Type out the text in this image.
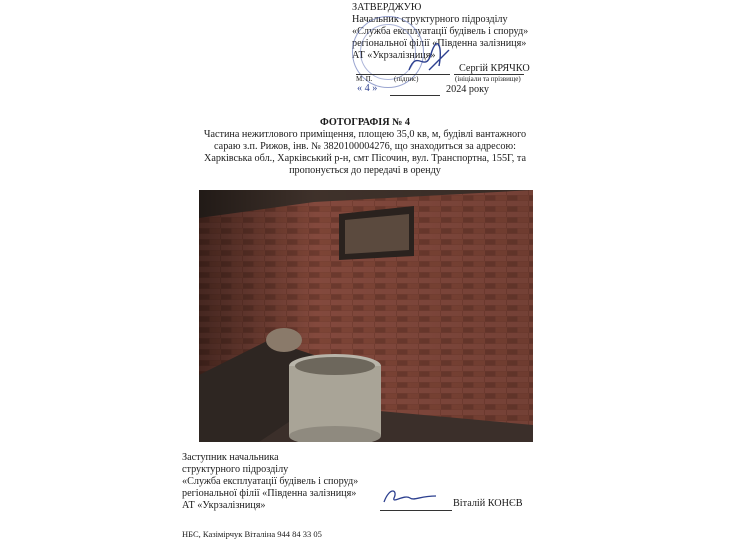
ЗАТВЕРДЖУЮ
Начальник структурного підрозділу
«Служба експлуатації будівель і споруд»
регіональної філії «Південна залізниця»
АТ «Укрзалізниця»
Сергій КРЯЧКО
М. П.	(підпис)	(ініціали та прізвище)
« 4 »	2024 року
ФОТОГРАФІЯ № 4
Частина нежитлового приміщення, площею 35,0 кв, м, будівлі вантажного
сараю з.п. Рижов, інв. № 3820100004276, що знаходиться за адресою:
Харківська обл., Харківський р-н, смт Пісочин, вул. Транспортна, 155Г, та
пропонується до передачі в оренду
Заступник начальника
структурного підрозділу
«Служба експлуатації будівель і споруд»
регіональної філії «Південна залізниця»
АТ «Укрзалізниця»	Віталій КОНЄВ
НБС, Казімірчук Віталіна 944 84 33 05
